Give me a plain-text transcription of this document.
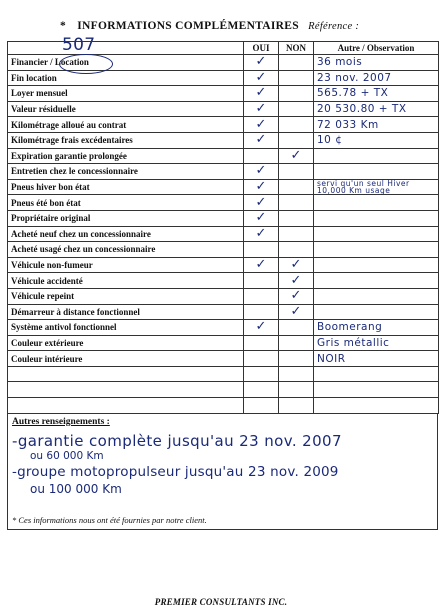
* INFORMATIONS COMPLÉMENTAIRES Référence : 507
		OUI	NON	Autre / Observation
Financier / Location	✓		36 mois
Fin location	✓		23 nov. 2007
Loyer mensuel	✓		565.78 + TX
Valeur résiduelle	✓		20 530.80 + TX
Kilométrage alloué au contrat	✓		72 033 Km
Kilométrage frais excédentaires	✓		10 ¢
Expiration garantie prolongée		✓	

Entretien chez le concessionnaire	✓		

Pneus hiver bon état	✓		servi qu'un seul Hiver
10,000 Km usage

Pneus été bon état	✓		

Propriétaire original	✓		

Acheté neuf chez un concessionnaire	✓		

Acheté usagé chez un concessionnaire	

Véhicule non-fumeur	✓	✓	

Véhicule accidenté		✓	

Véhicule repeint		✓	

Démarreur à distance fonctionnel		✓	

Système antivol fonctionnel	✓		Boomerang
Couleur extérieure			Gris métallic
Couleur intérieure			NOIR

Autres renseignements :
-garantie complète jusqu'au 23 nov. 2007
ou 60 000 Km
-groupe motopropulseur jusqu'au 23 nov. 2009
ou 100 000 Km
* Ces informations nous ont été fournies par notre client.
PREMIER CONSULTANTS INC.
